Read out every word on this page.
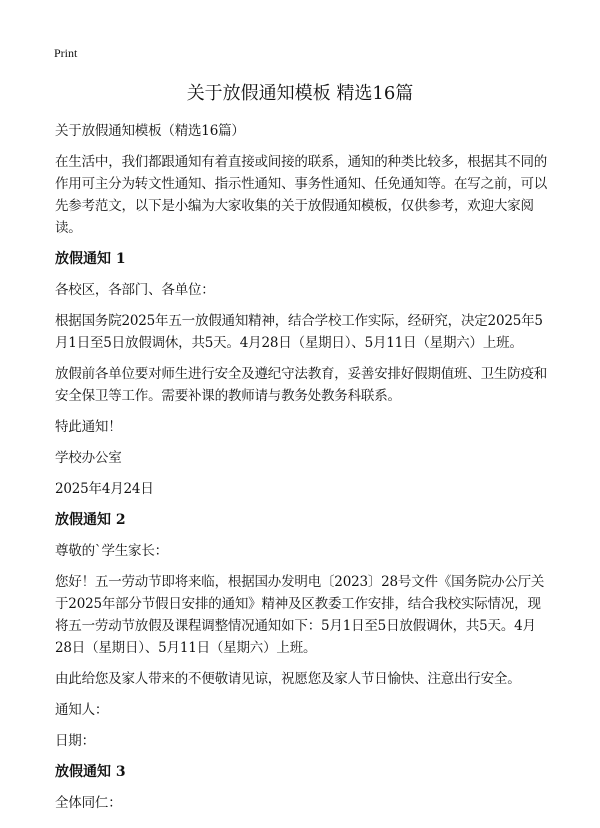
Print
关于放假通知模板 精选16篇

关于放假通知模板（精选16篇）

在生活中，我们都跟通知有着直接或间接的联系，通知的种类比较多，根据其不同的作用可主分为转文性通知、指示性通知、事务性通知、任免通知等。在写之前，可以先参考范文，以下是小编为大家收集的关于放假通知模板，仅供参考，欢迎大家阅读。

放假通知 1

各校区，各部门、各单位：

根据国务院2025年五一放假通知精神，结合学校工作实际，经研究，决定2025年5月1日至5日放假调休，共5天。4月28日（星期日）、5月11日（星期六）上班。

放假前各单位要对师生进行安全及遵纪守法教育，妥善安排好假期值班、卫生防疫和安全保卫等工作。需要补课的教师请与教务处教务科联系。

特此通知！

学校办公室

2025年4月24日

放假通知 2

尊敬的`学生家长：

您好！五一劳动节即将来临，根据国办发明电〔2023〕28号文件《国务院办公厅关于2025年部分节假日安排的通知》精神及区教委工作安排，结合我校实际情况，现将五一劳动节放假及课程调整情况通知如下：5月1日至5日放假调休，共5天。4月28日（星期日）、5月11日（星期六）上班。

由此给您及家人带来的不便敬请见谅，祝愿您及家人节日愉快、注意出行安全。

通知人：

日期：

放假通知 3

全体同仁：
